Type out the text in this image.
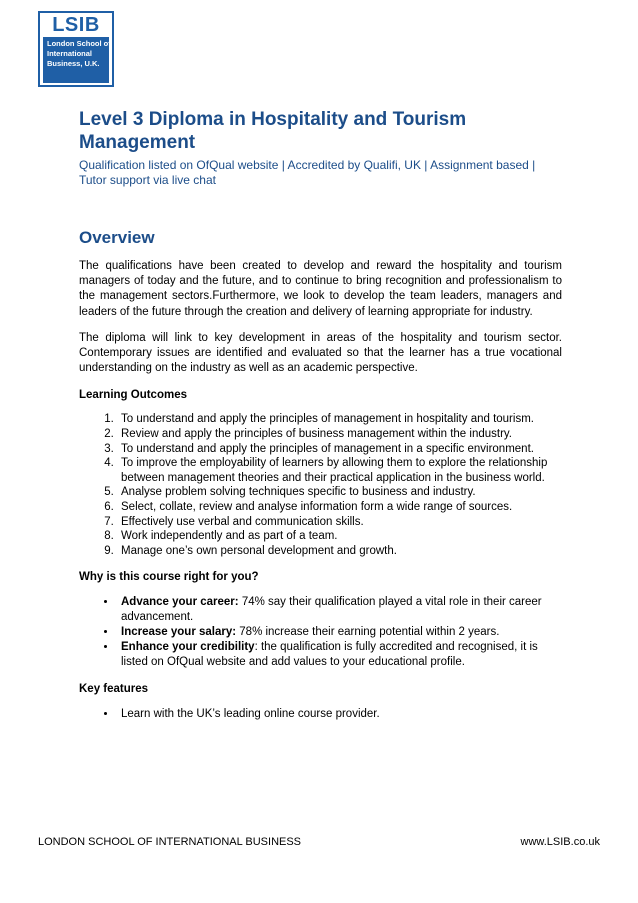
LSIB
London School of
International
Business, U.K.
Level 3 Diploma in Hospitality and Tourism Management

Qualification listed on OfQual website | Accredited by Qualifi, UK | Assignment based | Tutor support via live chat

Overview

The qualifications have been created to develop and reward the hospitality and tourism managers of today and the future, and to continue to bring recognition and professionalism to the management sectors.Furthermore, we look to develop the team leaders, managers and leaders of the future through the creation and delivery of learning appropriate for industry.

The diploma will link to key development in areas of the hospitality and tourism sector. Contemporary issues are identified and evaluated so that the learner has a true vocational understanding on the industry as well as an academic perspective.

Learning Outcomes
1. To understand and apply the principles of management in hospitality and tourism.
2. Review and apply the principles of business management within the industry.
3. To understand and apply the principles of management in a specific environment.
4. To improve the employability of learners by allowing them to explore the relationship between management theories and their practical application in the business world.
5. Analyse problem solving techniques specific to business and industry.
6. Select, collate, review and analyse information form a wide range of sources.
7. Effectively use verbal and communication skills.
8. Work independently and as part of a team.
9. Manage one’s own personal development and growth.
Why is this course right for you?
• Advance your career: 74% say their qualification played a vital role in their career advancement.
• Increase your salary: 78% increase their earning potential within 2 years.
• Enhance your credibility: the qualification is fully accredited and recognised, it is listed on OfQual website and add values to your educational profile.
Key features
• Learn with the UK’s leading online course provider.
LONDON SCHOOL OF INTERNATIONAL BUSINESS	www.LSIB.co.uk
